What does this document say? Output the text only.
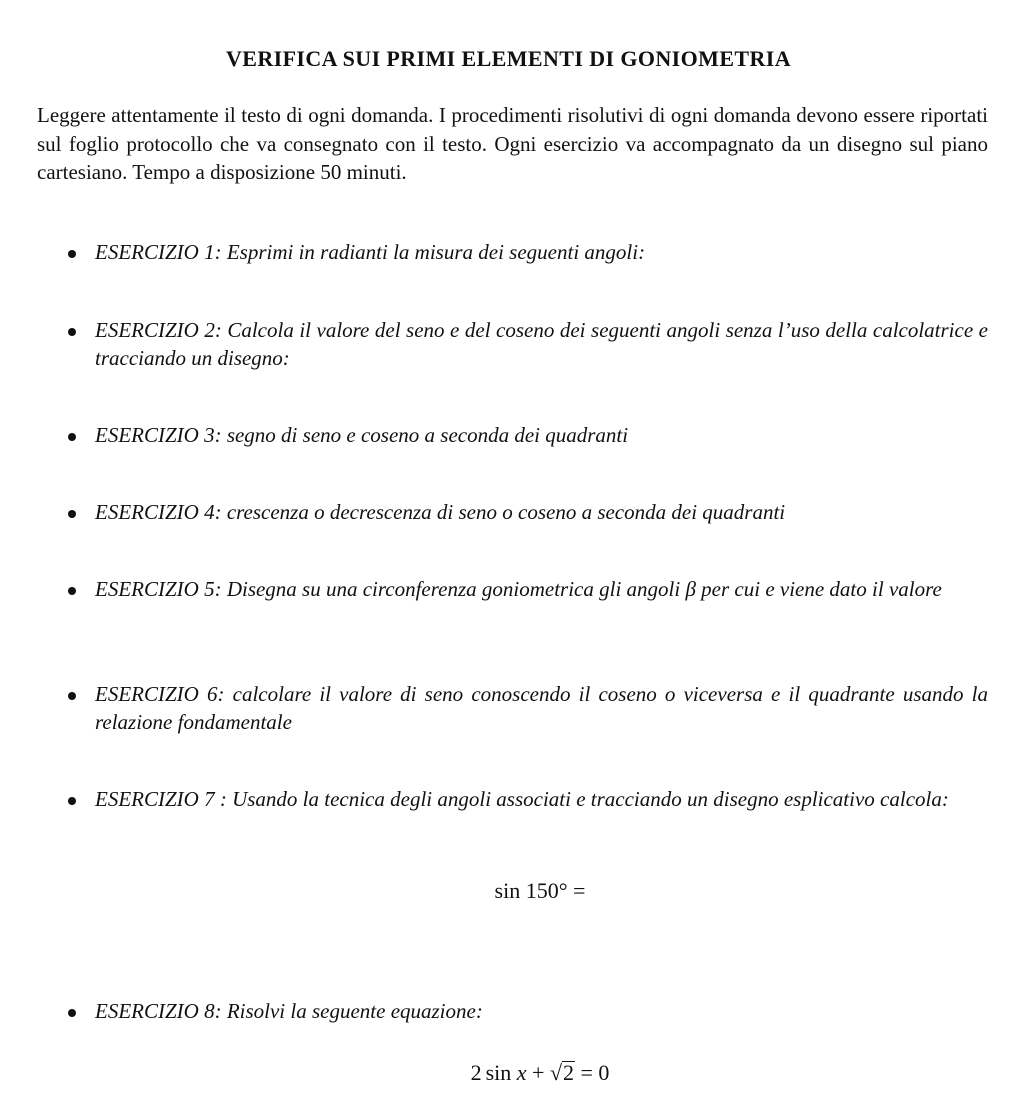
VERIFICA SUI PRIMI ELEMENTI DI GONIOMETRIA
Leggere attentamente il testo di ogni domanda. I procedimenti risolutivi di ogni domanda devono essere riportati sul foglio protocollo che va consegnato con il testo. Ogni esercizio va accompagnato da un disegno sul piano cartesiano. Tempo a disposizione 50 minuti.
ESERCIZIO 1: Esprimi in radianti la misura dei seguenti angoli:
ESERCIZIO 2: Calcola il valore del seno e del coseno dei seguenti angoli senza l’uso della calcolatrice e tracciando un disegno:
ESERCIZIO 3: segno di seno e coseno a seconda dei quadranti
ESERCIZIO 4: crescenza o decrescenza di seno o coseno a seconda dei quadranti
ESERCIZIO 5: Disegna su una circonferenza goniometrica gli angoli β per cui e viene dato il valore
ESERCIZIO 6: calcolare il valore di seno conoscendo il coseno o viceversa e il quadrante usando la relazione fondamentale
ESERCIZIO 7 : Usando la tecnica degli angoli associati e tracciando un disegno esplicativo calcola:
sin 150° =
ESERCIZIO 8: Risolvi la seguente equazione:
2 sin x + √2 = 0
